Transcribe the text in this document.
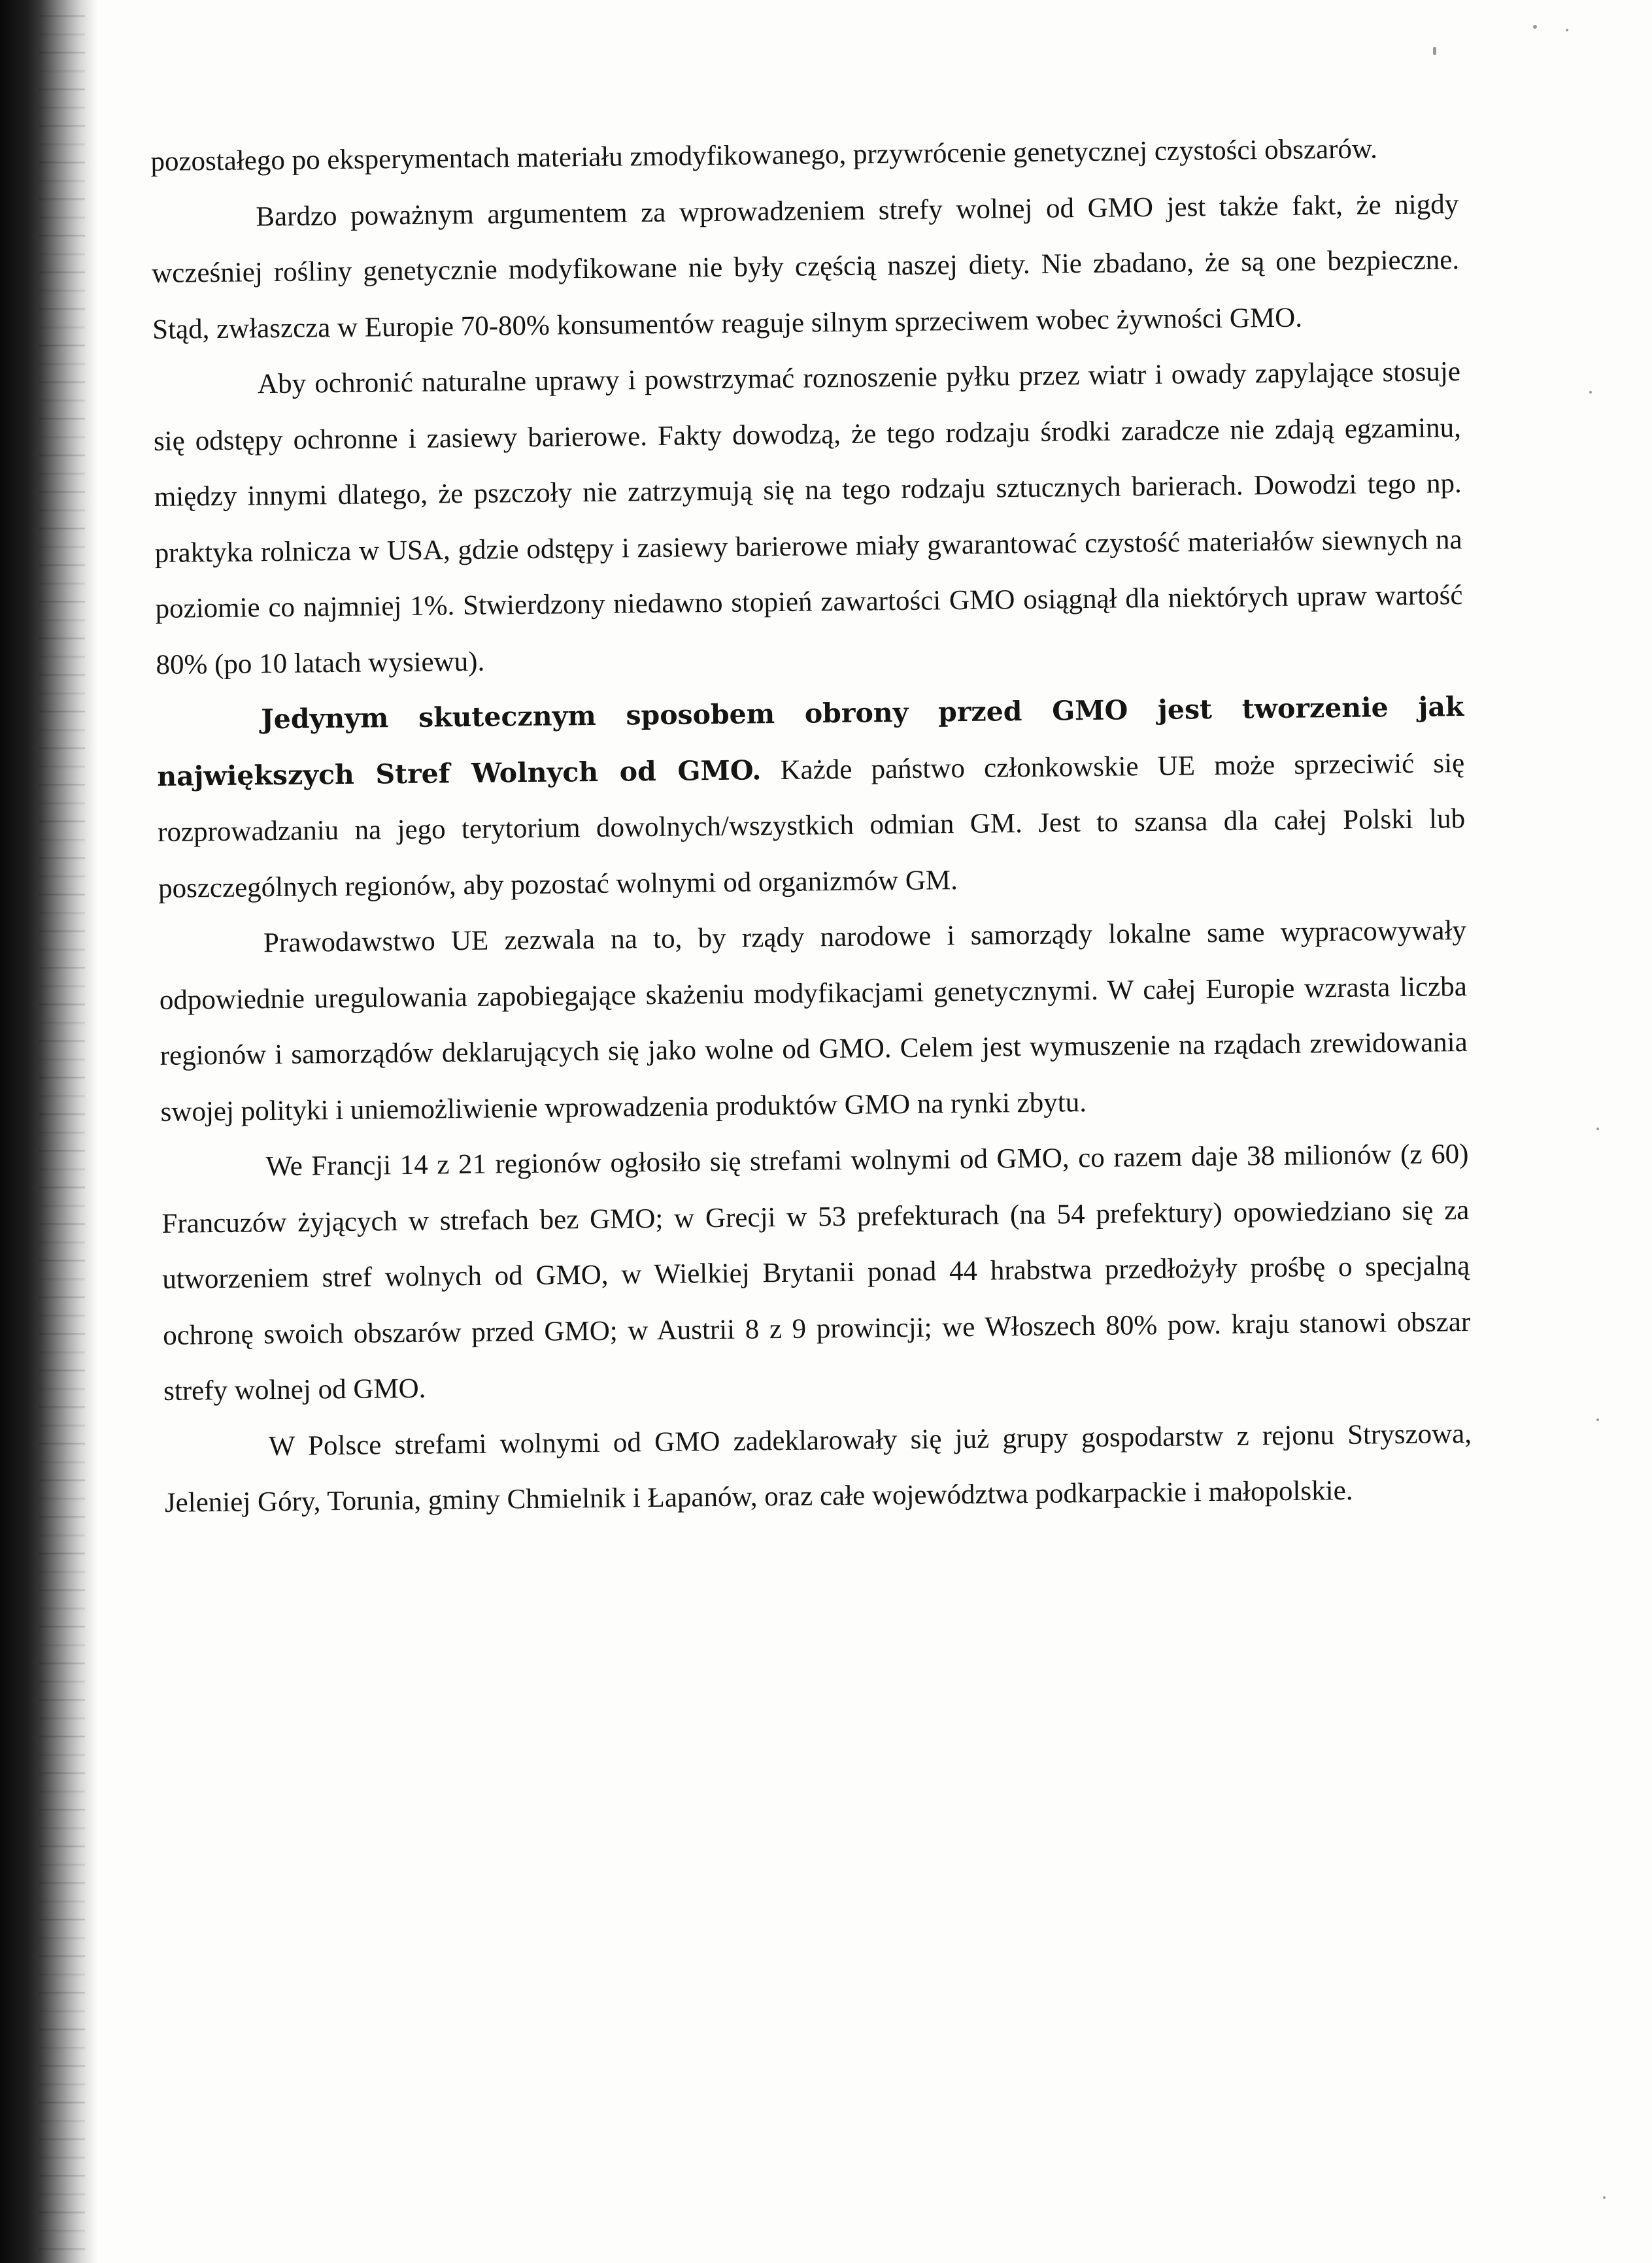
pozostałego po eksperymentach materiału zmodyfikowanego, przywrócenie genetycznej czystości obszarów.

Bardzo poważnym argumentem za wprowadzeniem strefy wolnej od GMO jest także fakt, że nigdy wcześniej rośliny genetycznie modyfikowane nie były częścią naszej diety. Nie zbadano, że są one bezpieczne. Stąd, zwłaszcza w Europie 70-80% konsumentów reaguje silnym sprzeciwem wobec żywności GMO.

Aby ochronić naturalne uprawy i powstrzymać roznoszenie pyłku przez wiatr i owady zapylające stosuje się odstępy ochronne i zasiewy barierowe. Fakty dowodzą, że tego rodzaju środki zaradcze nie zdają egzaminu, między innymi dlatego, że pszczoły nie zatrzymują się na tego rodzaju sztucznych barierach. Dowodzi tego np. praktyka rolnicza w USA, gdzie odstępy i zasiewy barierowe miały gwarantować czystość materiałów siewnych na poziomie co najmniej 1%. Stwierdzony niedawno stopień zawartości GMO osiągnął dla niektórych upraw wartość 80% (po 10 latach wysiewu).

Jedynym skutecznym sposobem obrony przed GMO jest tworzenie jak największych Stref Wolnych od GMO. Każde państwo członkowskie UE może sprzeciwić się rozprowadzaniu na jego terytorium dowolnych/wszystkich odmian GM. Jest to szansa dla całej Polski lub poszczególnych regionów, aby pozostać wolnymi od organizmów GM.

Prawodawstwo UE zezwala na to, by rządy narodowe i samorządy lokalne same wypracowywały odpowiednie uregulowania zapobiegające skażeniu modyfikacjami genetycznymi. W całej Europie wzrasta liczba regionów i samorządów deklarujących się jako wolne od GMO. Celem jest wymuszenie na rządach zrewidowania swojej polityki i uniemożliwienie wprowadzenia produktów GMO na rynki zbytu.

We Francji 14 z 21 regionów ogłosiło się strefami wolnymi od GMO, co razem daje 38 milionów (z 60) Francuzów żyjących w strefach bez GMO; w Grecji w 53 prefekturach (na 54 prefektury) opowiedziano się za utworzeniem stref wolnych od GMO, w Wielkiej Brytanii ponad 44 hrabstwa przedłożyły prośbę o specjalną ochronę swoich obszarów przed GMO; w Austrii 8 z 9 prowincji; we Włoszech 80% pow. kraju stanowi obszar strefy wolnej od GMO.

W Polsce strefami wolnymi od GMO zadeklarowały się już grupy gospodarstw z rejonu Stryszowa, Jeleniej Góry, Torunia, gminy Chmielnik i Łapanów, oraz całe województwa podkarpackie i małopolskie.
